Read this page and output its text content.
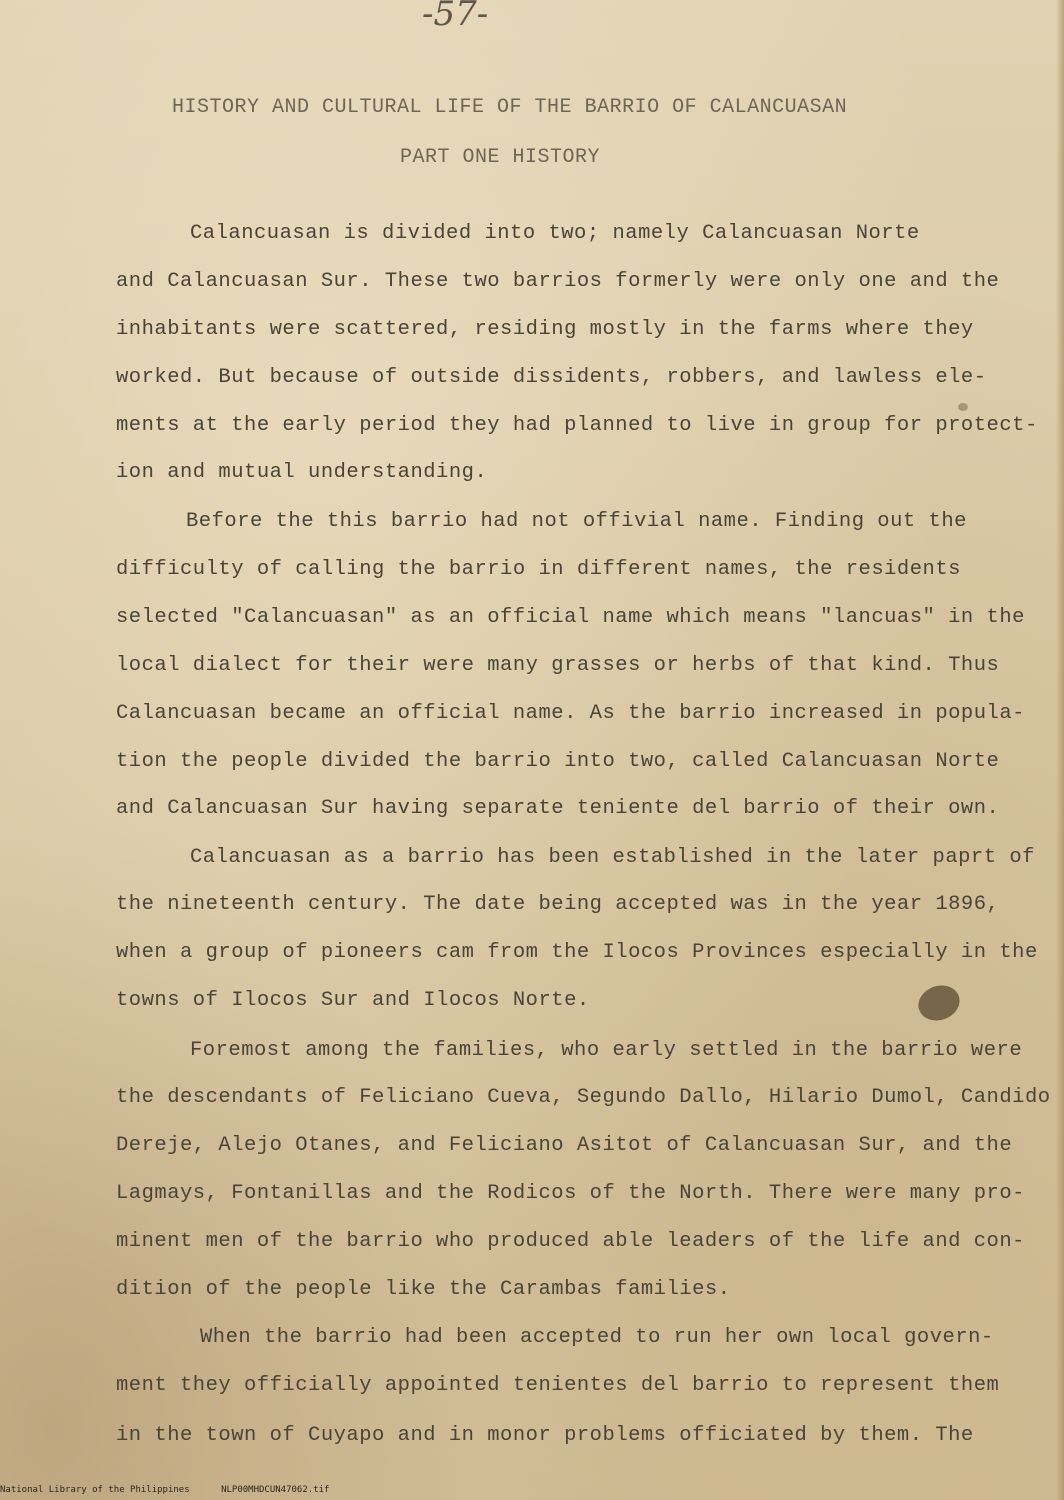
-57-
HISTORY AND CULTURAL LIFE OF THE BARRIO OF CALANCUASAN
PART ONE HISTORY
Calancuasan is divided into two; namely Calancuasan Norte
and Calancuasan Sur. These two barrios formerly were only one and the
inhabitants were scattered, residing mostly in the farms where they
worked. But because of outside dissidents, robbers, and lawless ele-
ments at the early period they had planned to live in group for protect-
ion and mutual understanding.
Before the this barrio had not offivial name. Finding out the
difficulty of calling the barrio in different names, the residents
selected "Calancuasan" as an official name which means "lancuas" in the
local dialect for their were many grasses or herbs of that kind. Thus
Calancuasan became an official name. As the barrio increased in popula-
tion the people divided the barrio into two, called Calancuasan Norte
and Calancuasan Sur having separate teniente del barrio of their own.
Calancuasan as a barrio has been established in the later paprt of
the nineteenth century. The date being accepted was in the year 1896,
when a group of pioneers cam from the Ilocos Provinces especially in the
towns of Ilocos Sur and Ilocos Norte.
Foremost among the families, who early settled in the barrio were
the descendants of Feliciano Cueva, Segundo Dallo, Hilario Dumol, Candido
Dereje, Alejo Otanes, and Feliciano Asitot of Calancuasan Sur, and the
Lagmays, Fontanillas and the Rodicos of the North. There were many pro-
minent men of the barrio who produced able leaders of the life and con-
dition of the people like the Carambas families.
When the barrio had been accepted to run her own local govern-
ment they officially appointed tenientes del barrio to represent them
in the town of Cuyapo and in monor problems officiated by them. The
National Library of the Philippines	NLP00MHDCUN47062.tif
